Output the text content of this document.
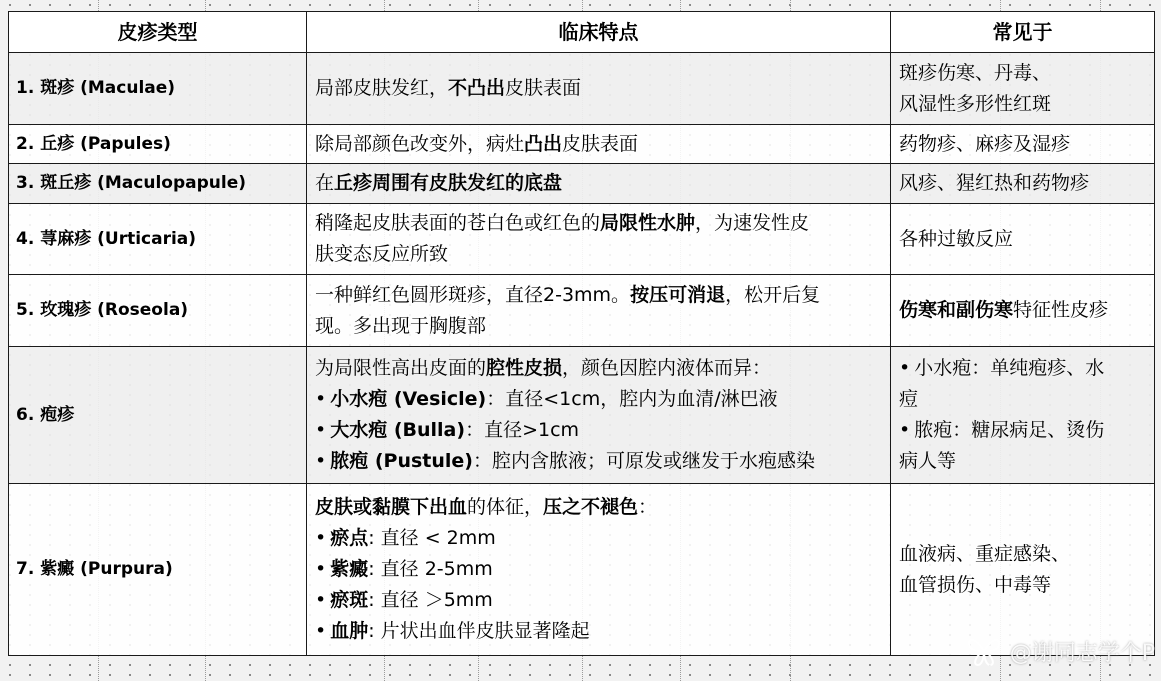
皮疹类型	临床特点	常见于
1. 斑疹 (Maculae)	局部皮肤发红，不凸出皮肤表面	斑疹伤寒、丹毒、
风湿性多形性红斑

2. 丘疹 (Papules)	除局部颜色改变外，病灶凸出皮肤表面	药物疹、麻疹及湿疹

3. 斑丘疹 (Maculopapule)	在丘疹周围有皮肤发红的底盘	风疹、猩红热和药物疹

4. 荨麻疹 (Urticaria)	稍隆起皮肤表面的苍白色或红色的局限性水肿，为速发性皮
肤变态反应所致	各种过敏反应

5. 玫瑰疹 (Roseola)	一种鲜红色圆形斑疹，直径2-3mm。按压可消退，松开后复
现。多出现于胸腹部	伤寒和副伤寒特征性皮疹

6. 疱疹	为局限性高出皮面的腔性皮损，颜色因腔内液体而异：
• 小水疱 (Vesicle)：直径<1cm，腔内为血清/淋巴液
• 大水疱 (Bulla)：直径>1cm
• 脓疱 (Pustule)：腔内含脓液；可原发或继发于水疱感染	• 小水疱：单纯疱疹、水
痘
• 脓疱：糖尿病足、烫伤
病人等

7. 紫癜 (Purpura)	皮肤或黏膜下出血的体征，压之不褪色：
• 瘀点: 直径 < 2mm
• 紫癜: 直径 2-5mm
• 瘀斑: 直径 ＞5mm
• 血肿: 片状出血伴皮肤显著隆起	血液病、重症感染、
血管损伤、中毒等
@谢同志学个P
